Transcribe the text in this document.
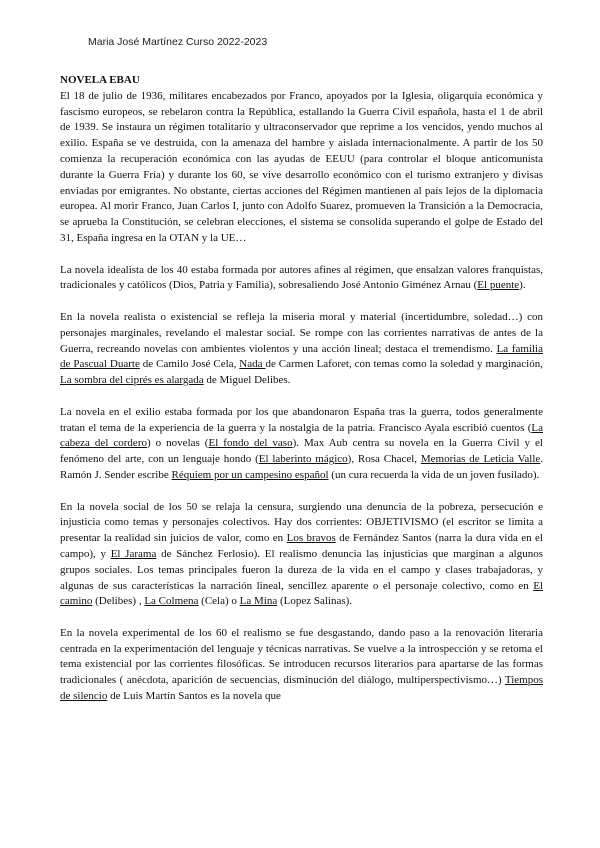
Maria José Martínez Curso 2022-2023

NOVELA EBAU

El 18 de julio de 1936, militares encabezados por Franco, apoyados por la Iglesia, oligarquía económica y fascismo europeos, se rebelaron contra la República, estallando la Guerra Civil española, hasta el 1 de abril de 1939. Se instaura un régimen totalitario y ultraconservador que reprime a los vencidos, yendo muchos al exilio. España se ve destruida, con la amenaza del hambre y aislada internacionalmente. A partir de los 50 comienza la recuperación económica con las ayudas de EEUU (para controlar el bloque anticomunista durante la Guerra Fría) y durante los 60, se vive desarrollo económico con el turismo extranjero y divisas enviadas por emigrantes. No obstante, ciertas acciones del Régimen mantienen al país lejos de la diplomacia europea. Al morir Franco, Juan Carlos I, junto con Adolfo Suarez, promueven la Transición a la Democracia, se aprueba la Constitución, se celebran elecciones, el sistema se consolida superando el golpe de Estado del 31, España ingresa en la OTAN y la UE…

La novela idealista de los 40 estaba formada por autores afines al régimen, que ensalzan valores franquistas, tradicionales y católicos (Dios, Patria y Familia), sobresaliendo José Antonio Giménez Arnau (El puente).

En la novela realista o existencial se refleja la miseria moral y material (incertidumbre, soledad…) con personajes marginales, revelando el malestar social. Se rompe con las corrientes narrativas de antes de la Guerra, recreando novelas con ambientes violentos y una acción lineal; destaca el tremendismo. La familia de Pascual Duarte de Camilo José Cela, Nada de Carmen Laforet, con temas como la soledad y marginación, La sombra del ciprés es alargada de Miguel Delibes.

La novela en el exilio estaba formada por los que abandonaron España tras la guerra, todos generalmente tratan el tema de la experiencia de la guerra y la nostalgia de la patria. Francisco Ayala escribió cuentos (La cabeza del cordero) o novelas (El fondo del vaso). Max Aub centra su novela en la Guerra Civil y el fenómeno del arte, con un lenguaje hondo (El laberinto mágico), Rosa Chacel, Memorias de Leticia Valle. Ramón J. Sender escribe Réquiem por un campesino español (un cura recuerda la vida de un joven fusilado).

En la novela social de los 50 se relaja la censura, surgiendo una denuncia de la pobreza, persecución e injusticia como temas y personajes colectivos. Hay dos corrientes: OBJETIVISMO (el escritor se limita a presentar la realidad sin juicios de valor, como en Los bravos de Fernández Santos (narra la dura vida en el campo), y El Jarama de Sánchez Ferlosio). El realismo denuncia las injusticias que marginan a algunos grupos sociales. Los temas principales fueron la dureza de la vida en el campo y clases trabajadoras, y algunas de sus características la narración lineal, sencillez aparente o el personaje colectivo, como en El camino (Delibes) , La Colmena (Cela) o La Mina (Lopez Salinas).

En la novela experimental de los 60 el realismo se fue desgastando, dando paso a la renovación literaria centrada en la experimentación del lenguaje y técnicas narrativas. Se vuelve a la introspección y se retoma el tema existencial por las corrientes filosóficas. Se introducen recursos literarios para apartarse de las formas tradicionales ( anécdota, aparición de secuencias, disminución del diálogo, multiperspectivismo…) Tiempos de silencio de Luis Martín Santos es la novela que
